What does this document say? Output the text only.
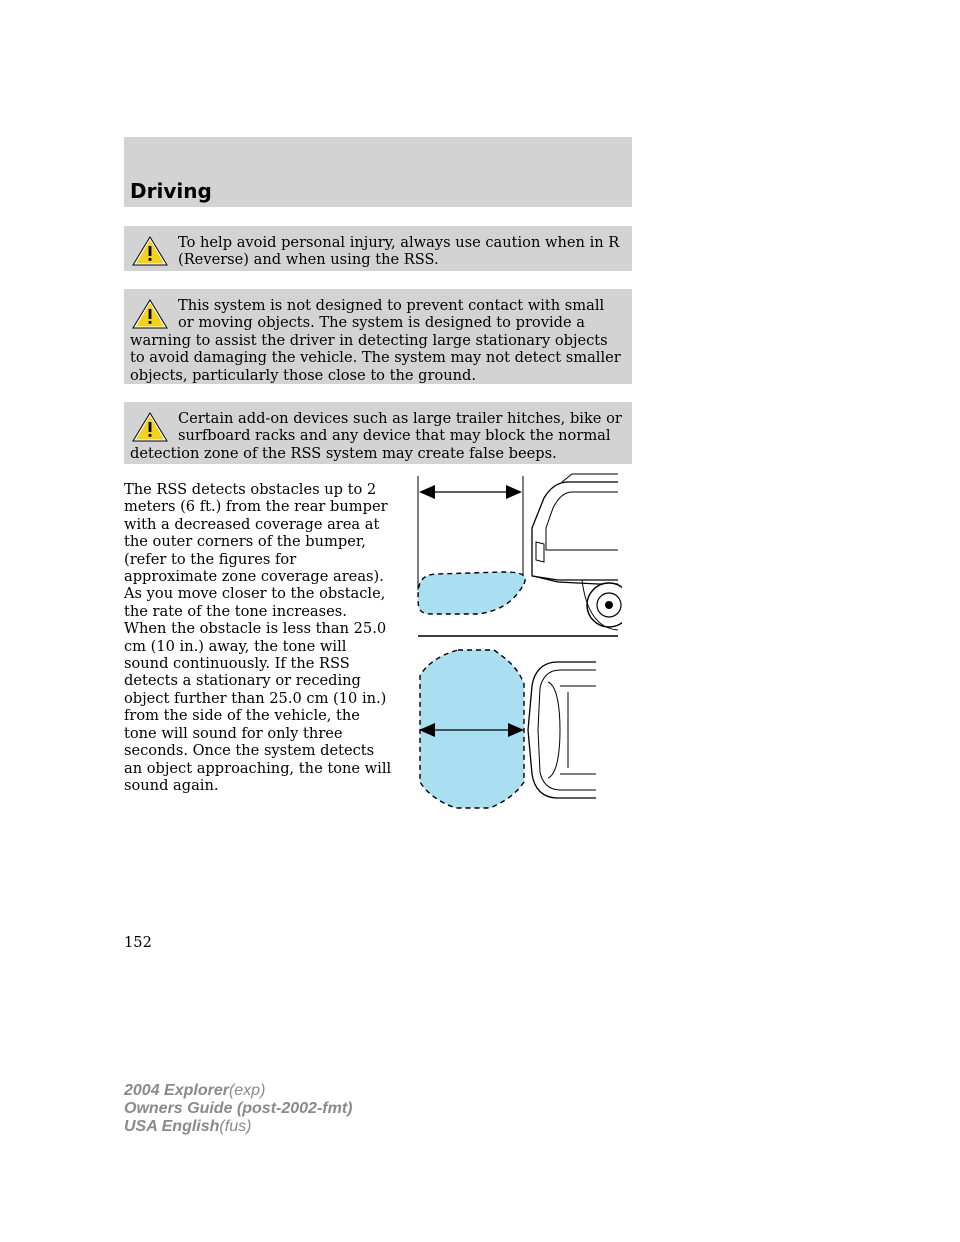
Driving
To help avoid personal injury, always use caution when in R (Reverse) and when using the RSS.
This system is not designed to prevent contact with small or moving objects. The system is designed to provide a warning to assist the driver in detecting large stationary objects to avoid damaging the vehicle. The system may not detect smaller objects, particularly those close to the ground.
Certain add-on devices such as large trailer hitches, bike or surfboard racks and any device that may block the normal detection zone of the RSS system may create false beeps.
The RSS detects obstacles up to 2 meters (6 ft.) from the rear bumper with a decreased coverage area at the outer corners of the bumper, (refer to the figures for approximate zone coverage areas). As you move closer to the obstacle, the rate of the tone increases. When the obstacle is less than 25.0 cm (10 in.) away, the tone will sound continuously. If the RSS detects a stationary or receding object further than 25.0 cm (10 in.) from the side of the vehicle, the tone will sound for only three seconds. Once the system detects an object approaching, the tone will sound again.
152
2004 Explorer(exp)
Owners Guide (post-2002-fmt)
USA English(fus)
